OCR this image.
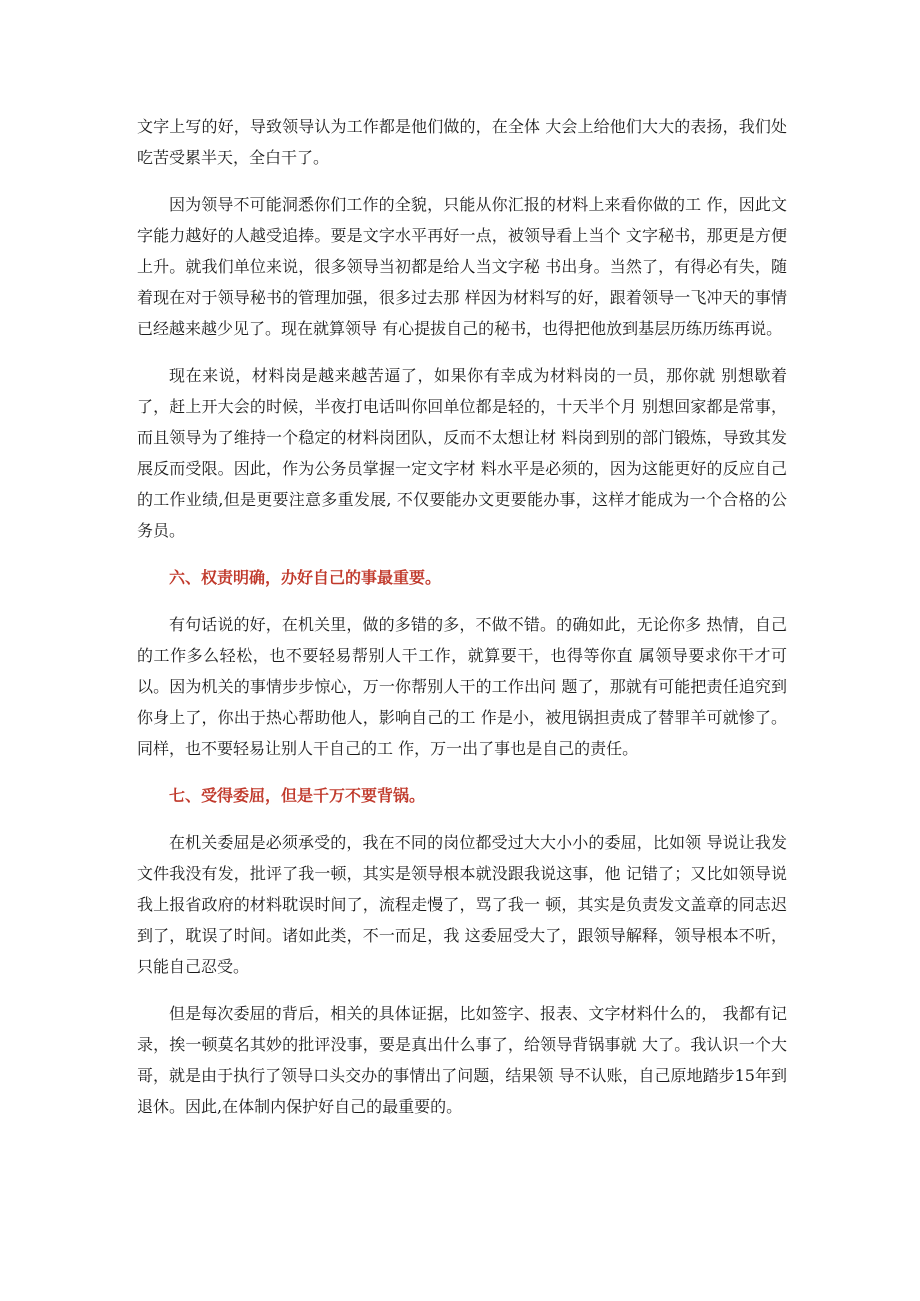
文字上写的好，导致领导认为工作都是他们做的，在全体 大会上给他们大大的表扬，我们处吃苦受累半天，全白干了。

因为领导不可能洞悉你们工作的全貌，只能从你汇报的材料上来看你做的工 作，因此文字能力越好的人越受追捧。要是文字水平再好一点，被领导看上当个 文字秘书，那更是方便上升。就我们单位来说，很多领导当初都是给人当文字秘 书出身。当然了，有得必有失，随着现在对于领导秘书的管理加强，很多过去那 样因为材料写的好，跟着领导一飞冲天的事情已经越来越少见了。现在就算领导 有心提拔自己的秘书，也得把他放到基层历练历练再说。

现在来说，材料岗是越来越苦逼了，如果你有幸成为材料岗的一员，那你就 别想歇着了，赶上开大会的时候，半夜打电话叫你回单位都是轻的，十天半个月 别想回家都是常事，而且领导为了维持一个稳定的材料岗团队，反而不太想让材 料岗到别的部门锻炼，导致其发展反而受限。因此，作为公务员掌握一定文字材 料水平是必须的，因为这能更好的反应自己的工作业绩,但是更要注意多重发展, 不仅要能办文更要能办事，这样才能成为一个合格的公务员。

六、权责明确，办好自己的事最重要。

有句话说的好，在机关里，做的多错的多，不做不错。的确如此，无论你多 热情，自己的工作多么轻松，也不要轻易帮别人干工作，就算要干，也得等你直 属领导要求你干才可以。因为机关的事情步步惊心，万一你帮别人干的工作出问 题了，那就有可能把责任追究到你身上了，你出于热心帮助他人，影响自己的工 作是小，被甩锅担责成了替罪羊可就惨了。同样，也不要轻易让别人干自己的工 作，万一出了事也是自己的责任。

七、受得委屈，但是千万不要背锅。

在机关委屈是必须承受的，我在不同的岗位都受过大大小小的委屈，比如领 导说让我发文件我没有发，批评了我一顿，其实是领导根本就没跟我说这事，他 记错了；又比如领导说我上报省政府的材料耽误时间了，流程走慢了，骂了我一 顿，其实是负责发文盖章的同志迟到了，耽误了时间。诸如此类，不一而足，我 这委屈受大了，跟领导解释，领导根本不听，只能自己忍受。

但是每次委屈的背后，相关的具体证据，比如签字、报表、文字材料什么的， 我都有记录，挨一顿莫名其妙的批评没事，要是真出什么事了，给领导背锅事就 大了。我认识一个大哥，就是由于执行了领导口头交办的事情出了问题，结果领 导不认账，自己原地踏步15年到退休。因此,在体制内保护好自己的最重要的。
